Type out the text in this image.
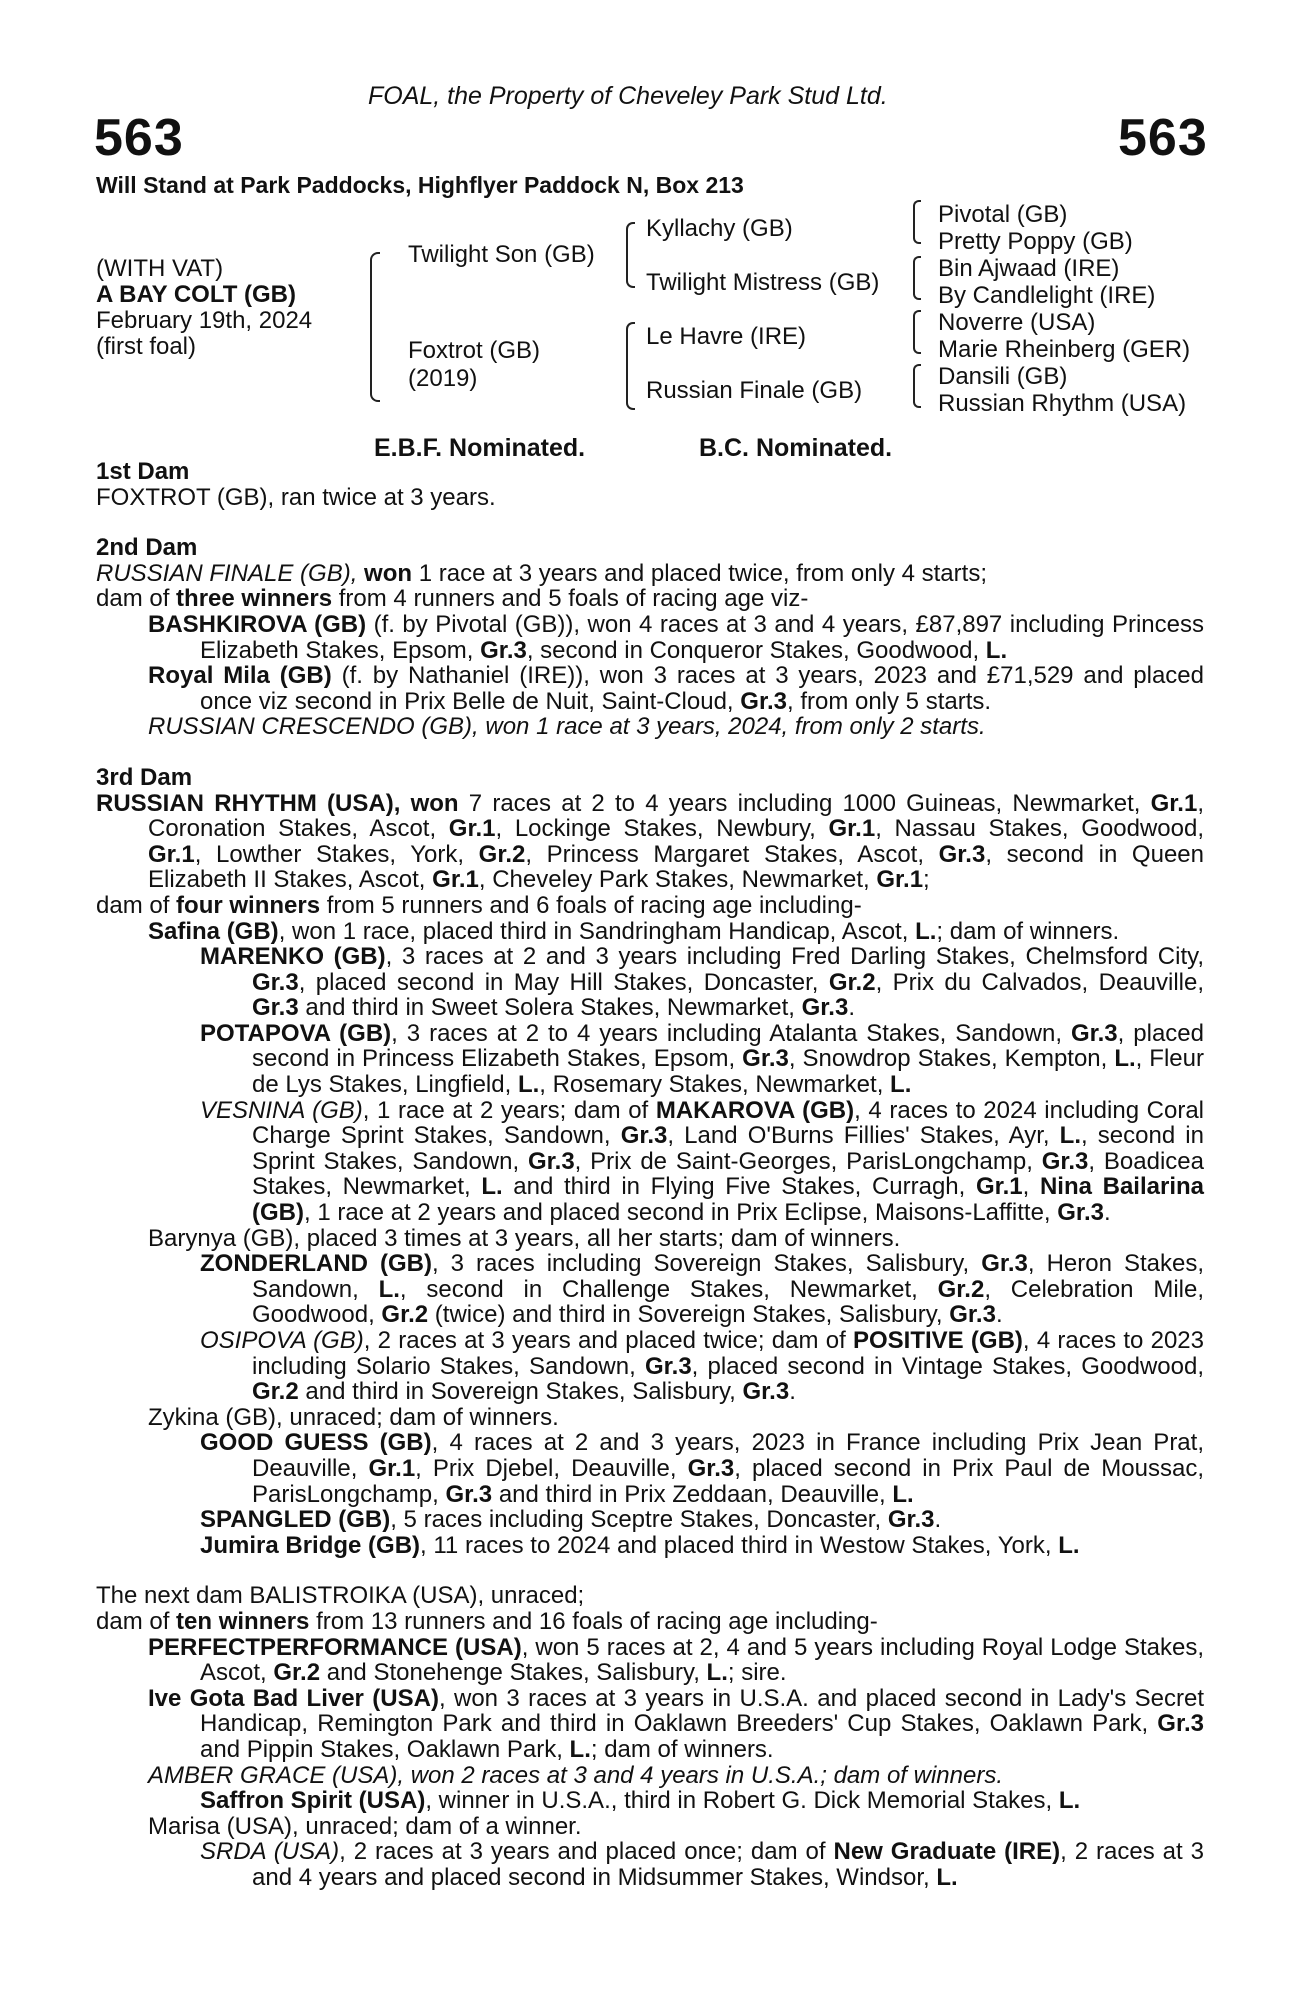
FOAL, the Property of Cheveley Park Stud Ltd.
563	563
Will Stand at Park Paddocks, Highflyer Paddock N, Box 213
(WITH VAT)
A BAY COLT (GB)
February 19th, 2024
(first foal)
Twilight Son (GB)
Foxtrot (GB)
(2019)
Kyllachy (GB)
Twilight Mistress (GB)
Le Havre (IRE)
Russian Finale (GB)
Pivotal (GB)
Pretty Poppy (GB)
Bin Ajwaad (IRE)
By Candlelight (IRE)
Noverre (USA)
Marie Rheinberg (GER)
Dansili (GB)
Russian Rhythm (USA)
E.B.F. Nominated.	B.C. Nominated.

1st Dam

FOXTROT (GB), ran twice at 3 years.

2nd Dam

RUSSIAN FINALE (GB), won 1 race at 3 years and placed twice, from only 4 starts;

dam of three winners from 4 runners and 5 foals of racing age viz-

BASHKIROVA (GB) (f. by Pivotal (GB)), won 4 races at 3 and 4 years, £87,897 including Princess Elizabeth Stakes, Epsom, Gr.3, second in Conqueror Stakes, Goodwood, L.

Royal Mila (GB) (f. by Nathaniel (IRE)), won 3 races at 3 years, 2023 and £71,529 and placed once viz second in Prix Belle de Nuit, Saint-Cloud, Gr.3, from only 5 starts.

RUSSIAN CRESCENDO (GB), won 1 race at 3 years, 2024, from only 2 starts.

3rd Dam

RUSSIAN RHYTHM (USA), won 7 races at 2 to 4 years including 1000 Guineas, Newmarket, Gr.1, Coronation Stakes, Ascot, Gr.1, Lockinge Stakes, Newbury, Gr.1, Nassau Stakes, Goodwood, Gr.1, Lowther Stakes, York, Gr.2, Princess Margaret Stakes, Ascot, Gr.3, second in Queen Elizabeth II Stakes, Ascot, Gr.1, Cheveley Park Stakes, Newmarket, Gr.1;

dam of four winners from 5 runners and 6 foals of racing age including-

Safina (GB), won 1 race, placed third in Sandringham Handicap, Ascot, L.; dam of winners.

MARENKO (GB), 3 races at 2 and 3 years including Fred Darling Stakes, Chelmsford City, Gr.3, placed second in May Hill Stakes, Doncaster, Gr.2, Prix du Calvados, Deauville, Gr.3 and third in Sweet Solera Stakes, Newmarket, Gr.3.

POTAPOVA (GB), 3 races at 2 to 4 years including Atalanta Stakes, Sandown, Gr.3, placed second in Princess Elizabeth Stakes, Epsom, Gr.3, Snowdrop Stakes, Kempton, L., Fleur de Lys Stakes, Lingfield, L., Rosemary Stakes, Newmarket, L.

VESNINA (GB), 1 race at 2 years; dam of MAKAROVA (GB), 4 races to 2024 including Coral Charge Sprint Stakes, Sandown, Gr.3, Land O'Burns Fillies' Stakes, Ayr, L., second in Sprint Stakes, Sandown, Gr.3, Prix de Saint-Georges, ParisLongchamp, Gr.3, Boadicea Stakes, Newmarket, L. and third in Flying Five Stakes, Curragh, Gr.1, Nina Bailarina (GB), 1 race at 2 years and placed second in Prix Eclipse, Maisons-Laffitte, Gr.3.

Barynya (GB), placed 3 times at 3 years, all her starts; dam of winners.

ZONDERLAND (GB), 3 races including Sovereign Stakes, Salisbury, Gr.3, Heron Stakes, Sandown, L., second in Challenge Stakes, Newmarket, Gr.2, Celebration Mile, Goodwood, Gr.2 (twice) and third in Sovereign Stakes, Salisbury, Gr.3.

OSIPOVA (GB), 2 races at 3 years and placed twice; dam of POSITIVE (GB), 4 races to 2023 including Solario Stakes, Sandown, Gr.3, placed second in Vintage Stakes, Goodwood, Gr.2 and third in Sovereign Stakes, Salisbury, Gr.3.

Zykina (GB), unraced; dam of winners.

GOOD GUESS (GB), 4 races at 2 and 3 years, 2023 in France including Prix Jean Prat, Deauville, Gr.1, Prix Djebel, Deauville, Gr.3, placed second in Prix Paul de Moussac, ParisLongchamp, Gr.3 and third in Prix Zeddaan, Deauville, L.

SPANGLED (GB), 5 races including Sceptre Stakes, Doncaster, Gr.3.

Jumira Bridge (GB), 11 races to 2024 and placed third in Westow Stakes, York, L.

The next dam BALISTROIKA (USA), unraced;

dam of ten winners from 13 runners and 16 foals of racing age including-

PERFECTPERFORMANCE (USA), won 5 races at 2, 4 and 5 years including Royal Lodge Stakes, Ascot, Gr.2 and Stonehenge Stakes, Salisbury, L.; sire.

Ive Gota Bad Liver (USA), won 3 races at 3 years in U.S.A. and placed second in Lady's Secret Handicap, Remington Park and third in Oaklawn Breeders' Cup Stakes, Oaklawn Park, Gr.3 and Pippin Stakes, Oaklawn Park, L.; dam of winners.

AMBER GRACE (USA), won 2 races at 3 and 4 years in U.S.A.; dam of winners.

Saffron Spirit (USA), winner in U.S.A., third in Robert G. Dick Memorial Stakes, L.

Marisa (USA), unraced; dam of a winner.

SRDA (USA), 2 races at 3 years and placed once; dam of New Graduate (IRE), 2 races at 3 and 4 years and placed second in Midsummer Stakes, Windsor, L.
